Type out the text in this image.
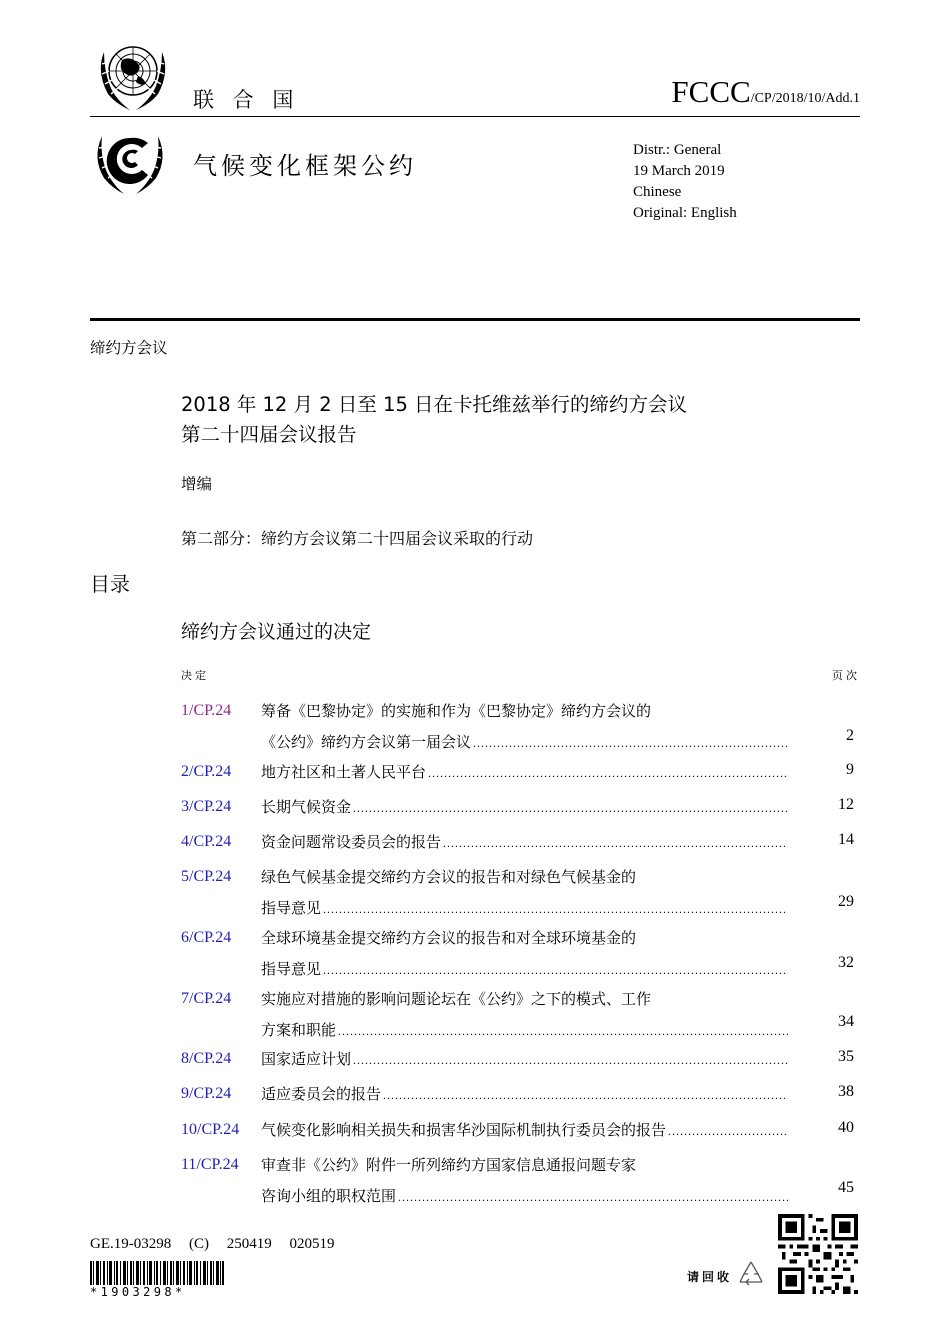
联 合 国	FCCC/CP/2018/10/Add.1
气候变化框架公约
Distr.: General
19 March 2019
Chinese
Original: English
缔约方会议
2018 年 12 月 2 日至 15 日在卡托维兹举行的缔约方会议
第二十四届会议报告
增编
第二部分：缔约方会议第二十四届会议采取的行动
目录
缔约方会议通过的决定
决定	页次
1/CP.24 筹备《巴黎协定》的实施和作为《巴黎协定》缔约方会议的
《公约》缔约方会议第一届会议 .....	2
2/CP.24 地方社区和土著人民平台 .....	9
3/CP.24 长期气候资金 .....	12
4/CP.24 资金问题常设委员会的报告 .....	14
5/CP.24 绿色气候基金提交缔约方会议的报告和对绿色气候基金的
指导意见 .....	29
6/CP.24 全球环境基金提交缔约方会议的报告和对全球环境基金的
指导意见 .....	32
7/CP.24 实施应对措施的影响问题论坛在《公约》之下的模式、工作
方案和职能 .....	34
8/CP.24 国家适应计划 .....	35
9/CP.24 适应委员会的报告 .....	38
10/CP.24 气候变化影响相关损失和损害华沙国际机制执行委员会的报告 .....	40
11/CP.24 审查非《公约》附件一所列缔约方国家信息通报问题专家
咨询小组的职权范围 .....	45
GE.19-03298 (C) 250419 020519
*1903298*
请回收
